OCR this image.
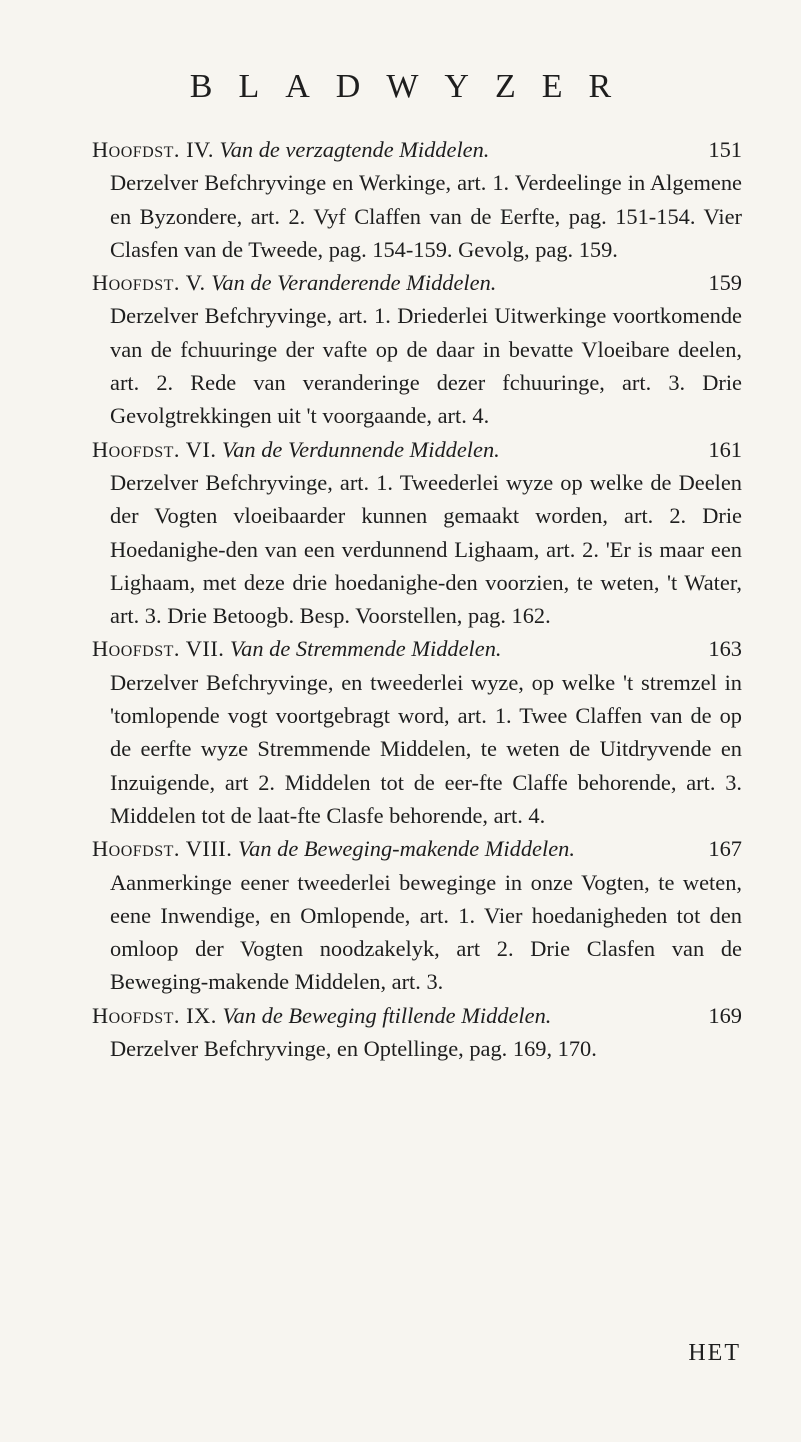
BLADWYZER
Hoofdst. IV. Van de verzagtende Middelen.	151
Derzelver Befchryvinge en Werkinge, art. 1. Verdeelinge in Algemene en Byzondere, art. 2. Vyf Claffen van de Eerfte, pag. 151-154. Vier Clasfen van de Tweede, pag. 154-159. Gevolg, pag. 159.
Hoofdst. V. Van de Veranderende Middelen.	159
Derzelver Befchryvinge, art. 1. Driederlei Uitwerkinge voortkomende van de fchuuringe der vafte op de daar in bevatte Vloeibare deelen, art. 2. Rede van veranderinge dezer fchuuringe, art. 3. Drie Gevolgtrekkingen uit 't voorgaande, art. 4.
Hoofdst. VI. Van de Verdunnende Middelen.	161
Derzelver Befchryvinge, art. 1. Tweederlei wyze op welke de Deelen der Vogten vloeibaarder kunnen gemaakt worden, art. 2. Drie Hoedanighe-den van een verdunnend Lighaam, art. 2. 'Er is maar een Lighaam, met deze drie hoedanighe-den voorzien, te weten, 't Water, art. 3. Drie Betoogb. Besp. Voorstellen, pag. 162.
Hoofdst. VII. Van de Stremmende Middelen.	163
Derzelver Befchryvinge, en tweederlei wyze, op welke 't stremzel in 'tomlopende vogt voortgebragt word, art. 1. Twee Claffen van de op de eerfte wyze Stremmende Middelen, te weten de Uitdryvende en Inzuigende, art 2. Middelen tot de eer-fte Claffe behorende, art. 3. Middelen tot de laat-fte Clasfe behorende, art. 4.
Hoofdst. VIII. Van de Beweging-makende Middelen.	167
Aanmerkinge eener tweederlei beweginge in onze Vogten, te weten, eene Inwendige, en Omlopende, art. 1. Vier hoedanigheden tot den omloop der Vogten noodzakelyk, art 2. Drie Clasfen van de Beweging-makende Middelen, art. 3.
Hoofdst. IX. Van de Beweging ftillende Middelen.	169
Derzelver Befchryvinge, en Optellinge, pag. 169, 170.
HET
